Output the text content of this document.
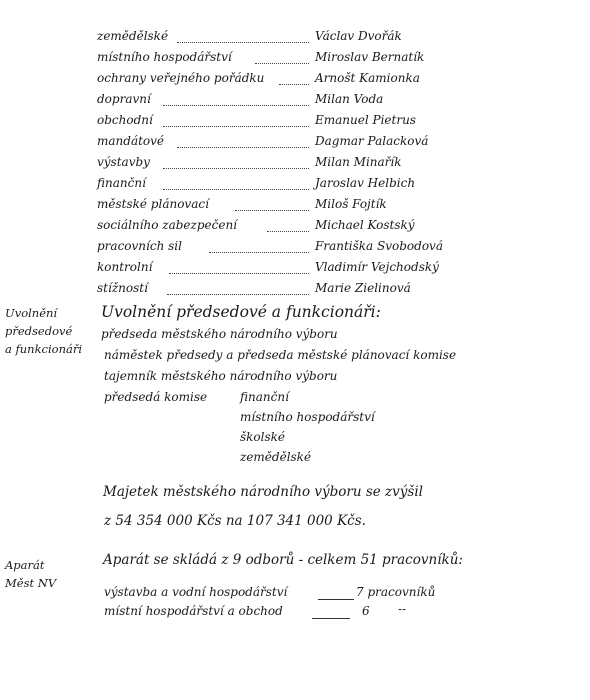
zemědělské	Václav Dvořák
místního hospodářství	Miroslav Bernatík
ochrany veřejného pořádku	Arnošt Kamionka
dopravní	Milan Voda
obchodní	Emanuel Pietrus
mandátové	Dagmar Palacková
výstavby	Milan Minařík
finanční	Jaroslav Helbich
městské plánovací	Miloš Fojtík
sociálního zabezpečení	Michael Kostský
pracovních sil	Františka Svobodová
kontrolní	Vladimír Vejchodský
stížností	Marie Zielinová
Uvolnění
předsedové
a funkcionáři
Uvolnění předsedové a funkcionáři:
předseda městského národního výboru
náměstek předsedy a předseda městské plánovací komise
tajemník městského národního výboru
předsedá komise	finanční
místního hospodářství
školské
zemědělské
Majetek městského národního výboru se zvýšil
z 54 354 000 Kčs na 107 341 000 Kčs.
Aparát
Měst NV
Aparát se skládá z 9 odborů - celkem 51 pracovníků:
výstavba a vodní hospodářství	7 pracovníků
místní hospodářství a obchod	6 --
